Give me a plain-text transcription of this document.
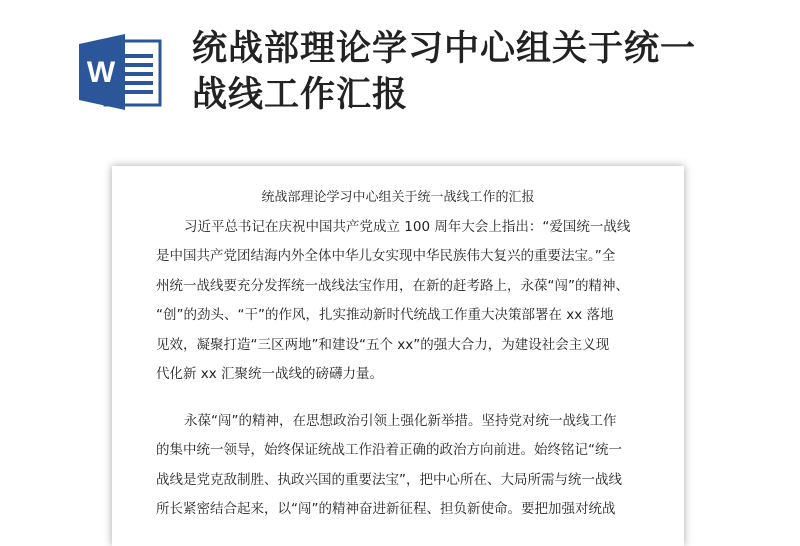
W
统战部理论学习中心组关于统一
战线工作汇报
统战部理论学习中心组关于统一战线工作的汇报
习近平总书记在庆祝中国共产党成立 100 周年大会上指出：“爱国统一战线
是中国共产党团结海内外全体中华儿女实现中华民族伟大复兴的重要法宝。”全
州统一战线要充分发挥统一战线法宝作用，在新的赶考路上，永葆“闯”的精神、
“创”的劲头、“干”的作风，扎实推动新时代统战工作重大决策部署在 xx 落地
见效，凝聚打造“三区两地”和建设“五个 xx”的强大合力，为建设社会主义现
代化新 xx 汇聚统一战线的磅礴力量。
永葆“闯”的精神，在思想政治引领上强化新举措。坚持党对统一战线工作
的集中统一领导，始终保证统战工作沿着正确的政治方向前进。始终铭记“统一
战线是党克敌制胜、执政兴国的重要法宝”，把中心所在、大局所需与统一战线
所长紧密结合起来，以“闯”的精神奋进新征程、担负新使命。要把加强对统战
